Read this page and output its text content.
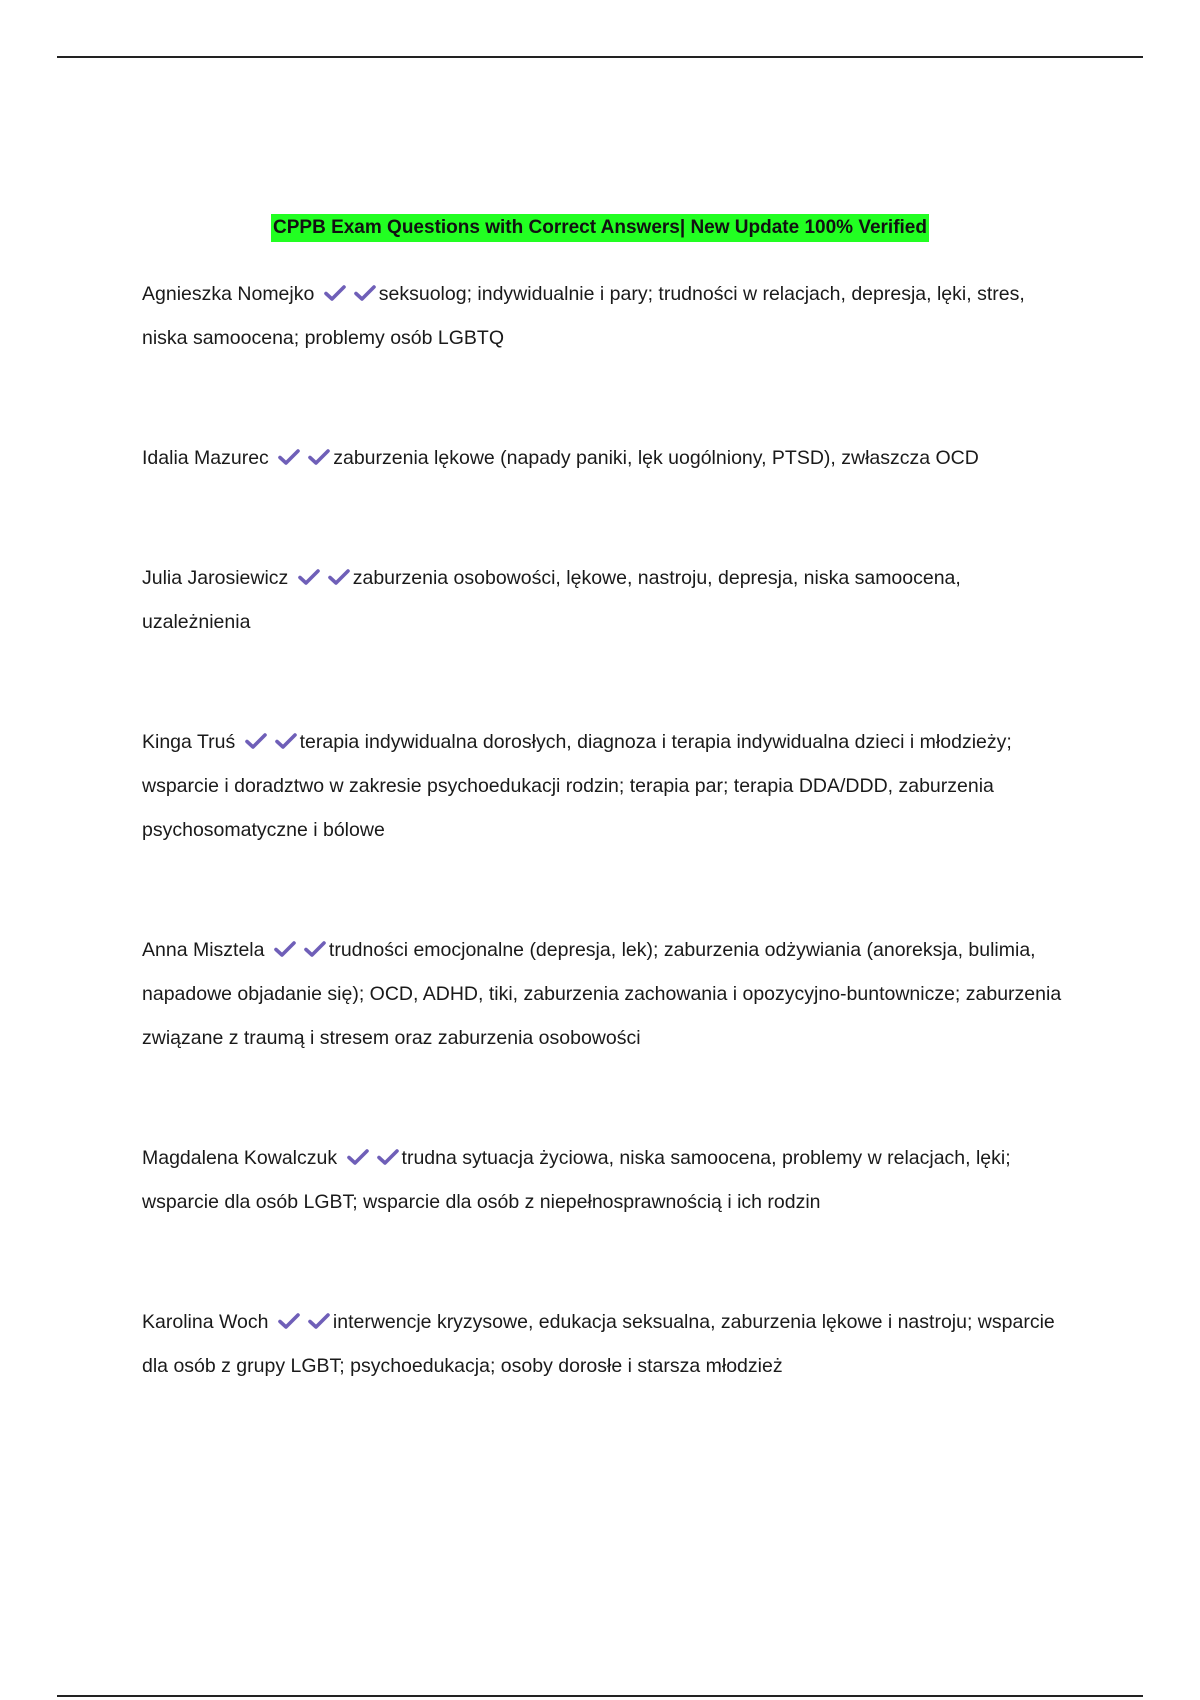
CPPB Exam Questions with Correct Answers| New Update 100% Verified

Agnieszka Nomejko	seksuolog; indywidualnie i pary; trudności w relacjach, depresja, lęki, stres, niska samoocena; problemy osób LGBTQ

Idalia Mazurec	zaburzenia lękowe (napady paniki, lęk uogólniony, PTSD), zwłaszcza OCD

Julia Jarosiewicz	zaburzenia osobowości, lękowe, nastroju, depresja, niska samoocena, uzależnienia

Kinga Truś	terapia indywidualna dorosłych, diagnoza i terapia indywidualna dzieci i młodzieży; wsparcie i doradztwo w zakresie psychoedukacji rodzin; terapia par; terapia DDA/DDD, zaburzenia psychosomatyczne i bólowe

Anna Misztela	trudności emocjonalne (depresja, lek); zaburzenia odżywiania (anoreksja, bulimia, napadowe objadanie się); OCD, ADHD, tiki, zaburzenia zachowania i opozycyjno-buntownicze; zaburzenia związane z traumą i stresem oraz zaburzenia osobowości

Magdalena Kowalczuk	trudna sytuacja życiowa, niska samoocena, problemy w relacjach, lęki; wsparcie dla osób LGBT; wsparcie dla osób z niepełnosprawnością i ich rodzin

Karolina Woch	interwencje kryzysowe, edukacja seksualna, zaburzenia lękowe i nastroju; wsparcie dla osób z grupy LGBT; psychoedukacja; osoby dorosłe i starsza młodzież
